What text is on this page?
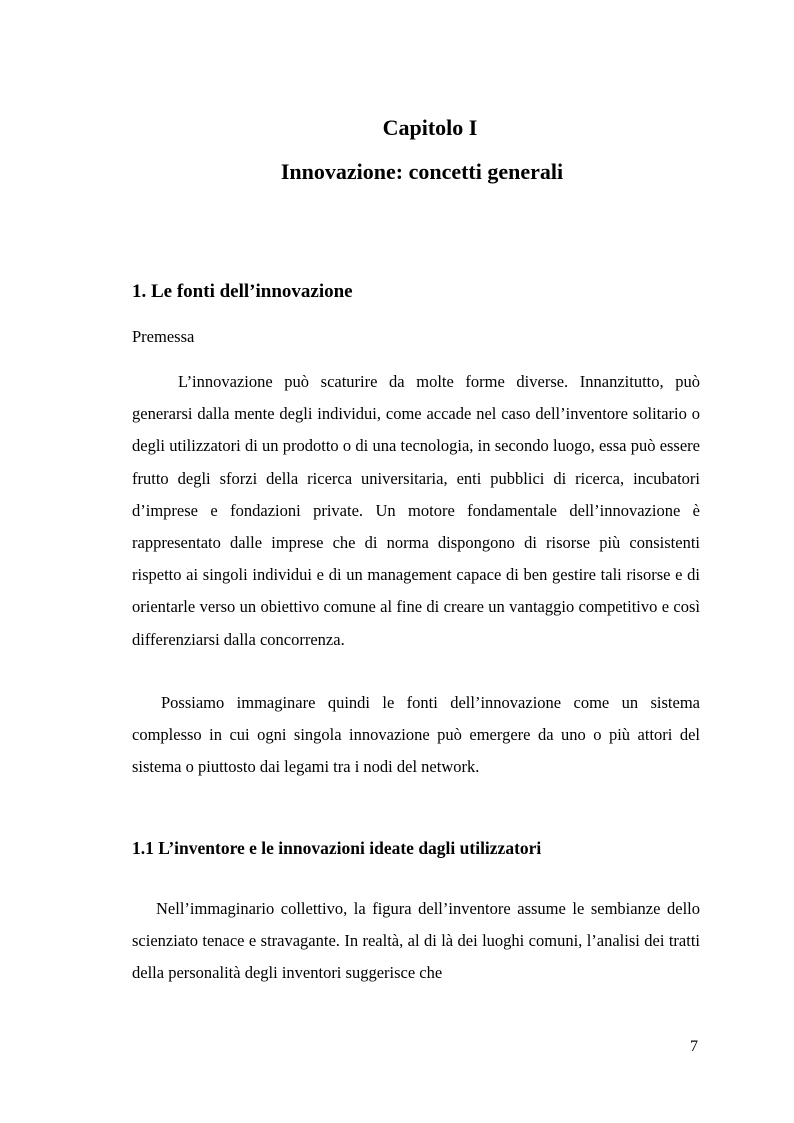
Capitolo I
Innovazione: concetti generali
1. Le fonti dell’innovazione
Premessa

L’innovazione può scaturire da molte forme diverse. Innanzitutto, può generarsi dalla mente degli individui, come accade nel caso dell’inventore solitario o degli utilizzatori di un prodotto o di una tecnologia, in secondo luogo, essa può essere frutto degli sforzi della ricerca universitaria, enti pubblici di ricerca, incubatori d’imprese e fondazioni private. Un motore fondamentale dell’innovazione è rappresentato dalle imprese che di norma dispongono di risorse più consistenti rispetto ai singoli individui e di un management capace di ben gestire tali risorse e di orientarle verso un obiettivo comune al fine di creare un vantaggio competitivo e così differenziarsi dalla concorrenza.

Possiamo immaginare quindi le fonti dell’innovazione come un sistema complesso in cui ogni singola innovazione può emergere da uno o più attori del sistema o piuttosto dai legami tra i nodi del network.

1.1 L’inventore e le innovazioni ideate dagli utilizzatori

Nell’immaginario collettivo, la figura dell’inventore assume le sembianze dello scienziato tenace e stravagante. In realtà, al di là dei luoghi comuni, l’analisi dei tratti della personalità degli inventori suggerisce che

7
